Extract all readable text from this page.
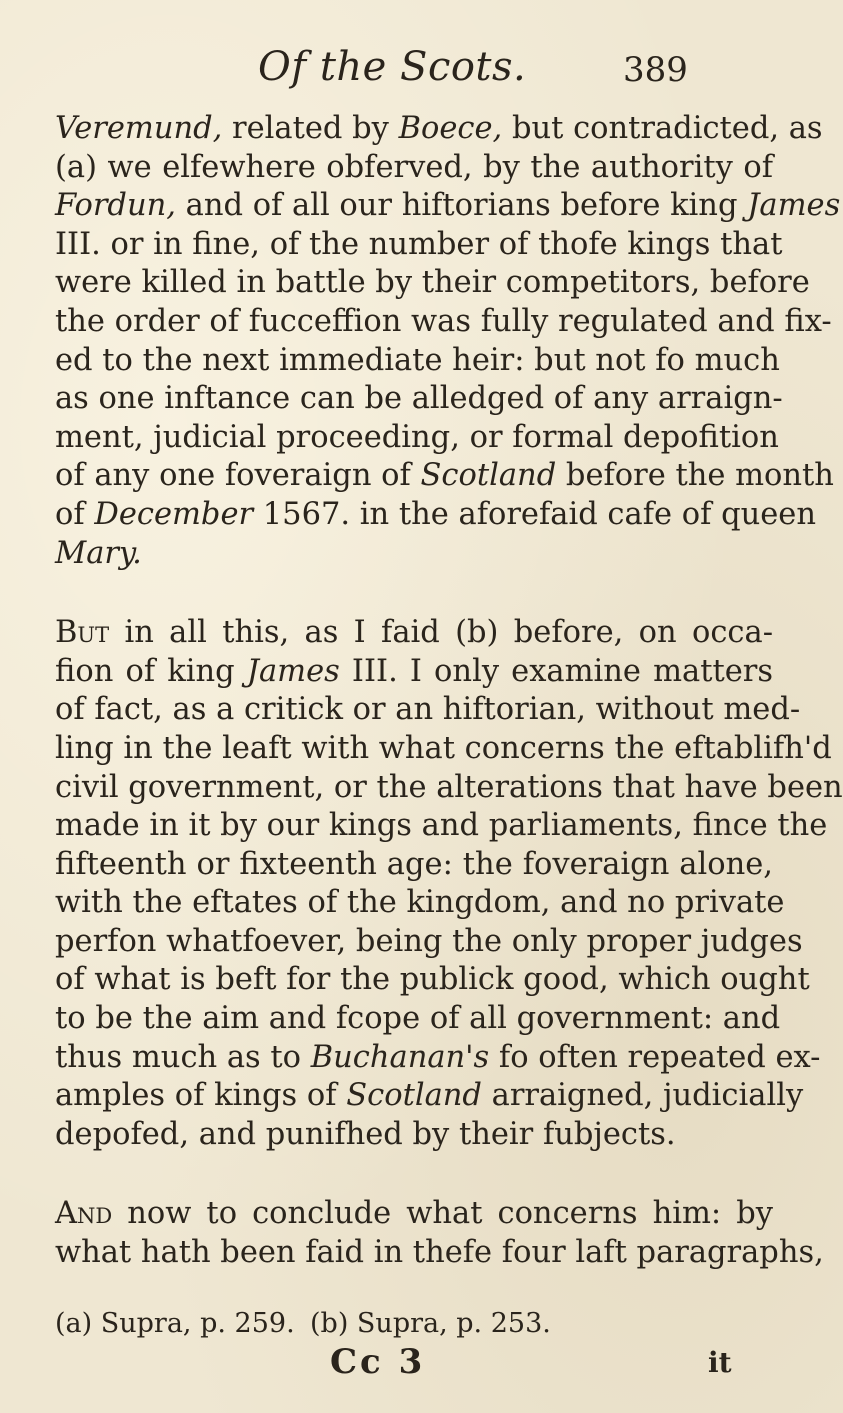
Of the Scots.	389
Veremund, related by Boece, but contradicted, as
(a) we elfewhere obferved, by the authority of
Fordun, and of all our hiftorians before king James
III. or in fine, of the number of thofe kings that
were killed in battle by their competitors, before
the order of fucceffion was fully regulated and fix-
ed to the next immediate heir: but not fo much
as one inftance can be alledged of any arraign-
ment, judicial proceeding, or formal depofition
of any one foveraign of Scotland before the month
of December 1567. in the aforefaid cafe of queen
Mary.
But in all this, as I faid (b) before, on occa-
fion of king James III. I only examine matters
of fact, as a critick or an hiftorian, without med-
ling in the leaft with what concerns the eftablifh'd
civil government, or the alterations that have been
made in it by our kings and parliaments, fince the
fifteenth or fixteenth age: the foveraign alone,
with the eftates of the kingdom, and no private
perfon whatfoever, being the only proper judges
of what is beft for the publick good, which ought
to be the aim and fcope of all government: and
thus much as to Buchanan's fo often repeated ex-
amples of kings of Scotland arraigned, judicially
depofed, and punifhed by their fubjects.
And now to conclude what concerns him: by
what hath been faid in thefe four laft paragraphs,
(a) Supra, p. 259. (b) Supra, p. 253.
Cc 3	it
